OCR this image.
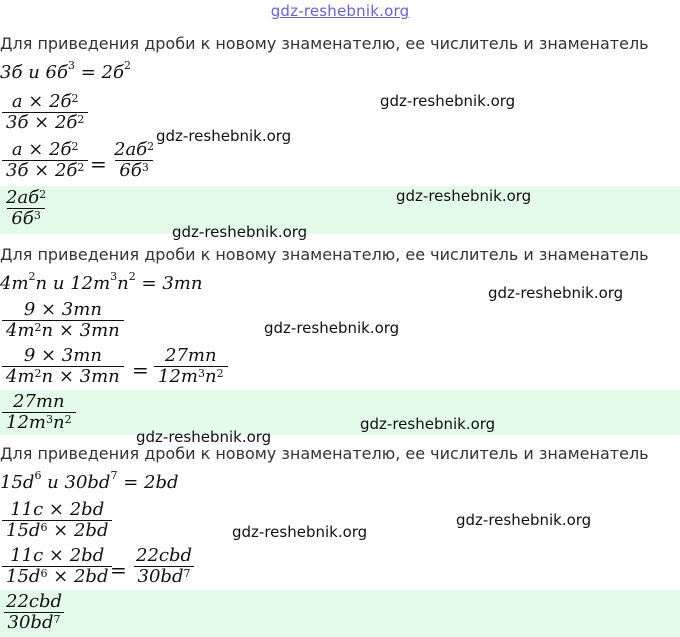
gdz-reshebnik.org
Для приведения дроби к новому знаменателю, ее числитель и знаменатель
3б и $6б^3 = 2б^2$
$a \times 2б^2$
$3б \times 2б^2$
$a \times 2б^2$
$3б \times 2б^2$ =
$2aб^2$
$6б^3$
$2aб^2$
$6б^3$
Для приведения дроби к новому знаменателю, ее числитель и знаменатель
$4m^2n$ и $12m^3n^2 = 3mn$
$\frac{9 \times 3mn}{4m^2n \times 3mn}$
$\frac{9 \times 3mn}{4m^2n \times 3mn} = \frac{27mn}{12m^3n^2}$
$\frac{27mn}{12m^3n^2}$
Для приведения дроби к новому знаменателю, ее числитель и знаменатель
$15d^6$ и $30bd^7 = 2bd$
$\frac{11c \times 2bd}{15d^6 \times 2bd}$
$\frac{11c \times 2bd}{15d^6 \times 2bd}$
=
22cbd
$30bd^7$
22cbd
$30bd^7$
gdz-reshebnik.org
gdz-reshebnik.org
gdz-reshebnik.org
gdz-reshebnik.org
gdz-reshebnik.org
gdz-reshebnik.org
gdz-reshebnik.org
gdz-reshebnik.org
gdz-reshebnik.org
gdz-reshebnik.org
